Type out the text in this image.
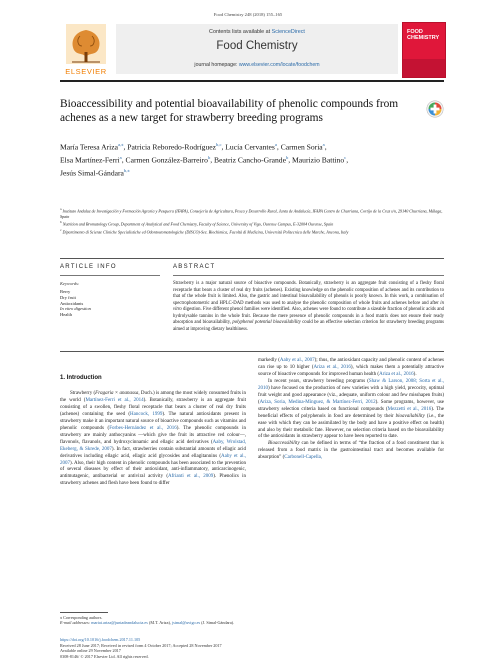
Food Chemistry 248 (2018) 155–165
ELSEVIER
Contents lists available at ScienceDirect
Food Chemistry
journal homepage: www.elsevier.com/locate/foodchem
FOOD
CHEMISTRY
Bioaccessibility and potential bioavailability of phenolic compounds from achenes as a new target for strawberry breeding programs
María Teresa Ariza$^{a,⁎}$, Patricia Reboredo-Rodríguez$^{b,c}$, Lucía Cervantes$^a$, Carmen Soria$^a$,
Elsa Martínez-Ferri$^a$, Carmen González-Barreiro$^b$, Beatriz Cancho-Grande$^b$, Maurizio Battino$^c$,
Jesús Simal-Gándara$^{b,⁎}$
$^a$ Instituto Andaluz de Investigación y Formación Agraria y Pesquera (IFAPA), Consejería de Agricultura, Pesca y Desarrollo Rural, Junta de Andalucía, IFAPA Centro de Churriana, Cortijo de la Cruz s/n, 29140 Churriana, Málaga, Spain
$^b$ Nutrition and Bromatology Group, Department of Analytical and Food Chemistry, Faculty of Science, University of Vigo, Ourense Campus, E-32004 Ourense, Spain
$^c$ Dipartimento di Scienze Cliniche Specialistiche ed Odontostomatologiche (DISCO)-Sez. Biochimica, Facoltà di Medicina, Università Politecnica delle Marche, Ancona, Italy
ARTICLE INFO	ABSTRACT
Keywords:
Berry
Dry fruit
Antioxidants
In vitro digestion
Health
Strawberry is a major natural source of bioactive compounds. Botanically, strawberry is an aggregate fruit consisting of a fleshy floral receptacle that bears a cluster of real dry fruits (achenes). Existing knowledge on the phenolic composition of achenes and its contribution to that of the whole fruit is limited. Also, the gastric and intestinal bioavailability of phenols is poorly known. In this work, a combination of spectrophotometric and HPLC-DAD methods was used to analyse the phenolic composition of whole fruits and achenes before and after in vitro digestion. Five different phenol families were identified. Also, achenes were found to contribute a sizeable fraction of phenolic acids and hydrolysable tannins in the whole fruit. Because the mere presence of phenolic compounds in a food matrix does not ensure their ready absorption and bioavailability, polyphenol potential bioavailability could be an effective selection criterion for strawberry breeding programs aimed at improving dietary healthiness.
1. Introduction

Strawberry (Fragaria × ananassa, Duch.) is among the most widely consumed fruits in the world (Martínez-Ferri et al., 2014). Botanically, strawberry is an aggregate fruit consisting of a swollen, fleshy floral receptacle that bears a cluster of real dry fruits (achenes) containing the seed (Hancock, 1999). The natural antioxidants present in strawberry make it an important natural source of bioactive compounds such as vitamins and phenolic compounds (Forbes-Hernández et al., 2016). The phenolic compounds in strawberry are mainly anthocyanins —which give the fruit its attractive red colour—, flavonols, flavanols, and hydroxycinnamic and ellagic acid derivatives (Aaby, Wrolstad, Ekeberg, & Skrede, 2007). In fact, strawberries contain substantial amounts of ellagic acid derivatives including ellagic acid, ellagic acid glycosides and ellagitannins (Aaby et al., 2007). Also, their high content in phenolic compounds has been associated to the prevention of several diseases by effect of their antioxidant, anti-inflammatory, anticarcinogenic, antimutagenic, antibacterial or antiviral activity (Afrianti et al., 2009). Phenolics in strawberry achenes and flesh have been found to differ

markedly (Aaby et al., 2007); thus, the antioxidant capacity and phenolic content of achenes can rise up to 10 higher (Ariza et al., 2016), which makes them a potentially attractive source of bioactive compounds for improved human health (Ariza et al., 2016).

In recent years, strawberry breeding programs (Shaw & Larson, 2008; Sorta et al., 2010) have focused on the production of new varieties with a high yield, precocity, optimal fruit weight and good appearance (viz., adequate, uniform colour and few misshapen fruits) (Ariza, Soria, Medina-Mínguez, & Martínez-Ferri, 2012). Some programs, however, use strawberry selection criteria based on functional compounds (Mezzetti et al., 2016). The beneficial effects of polyphenols in food are determined by their bioavailability (i.e., the ease with which they can be assimilated by the body and have a positive effect on health) and also by their metabolic fate. However, no selection criteria based on the bioavailability of the antioxidants in strawberry appear to have been reported to date.

Bioaccessibility can be defined in terms of “the fraction of a food constituent that is released from a food matrix in the gastrointestinal tract and becomes available for absorption” (Carbonell-Capella,

⁎ Corresponding authors.

E-mail addresses: mariat.ariza@juntadeandalucia.es (M.T. Ariza), jsimal@uvigo.es (J. Simal-Gándara).

https://doi.org/10.1016/j.foodchem.2017.11.105

Received 28 June 2017; Received in revised form 4 October 2017; Accepted 28 November 2017

Available online 29 November 2017

0308-8146/ © 2017 Elsevier Ltd. All rights reserved.
